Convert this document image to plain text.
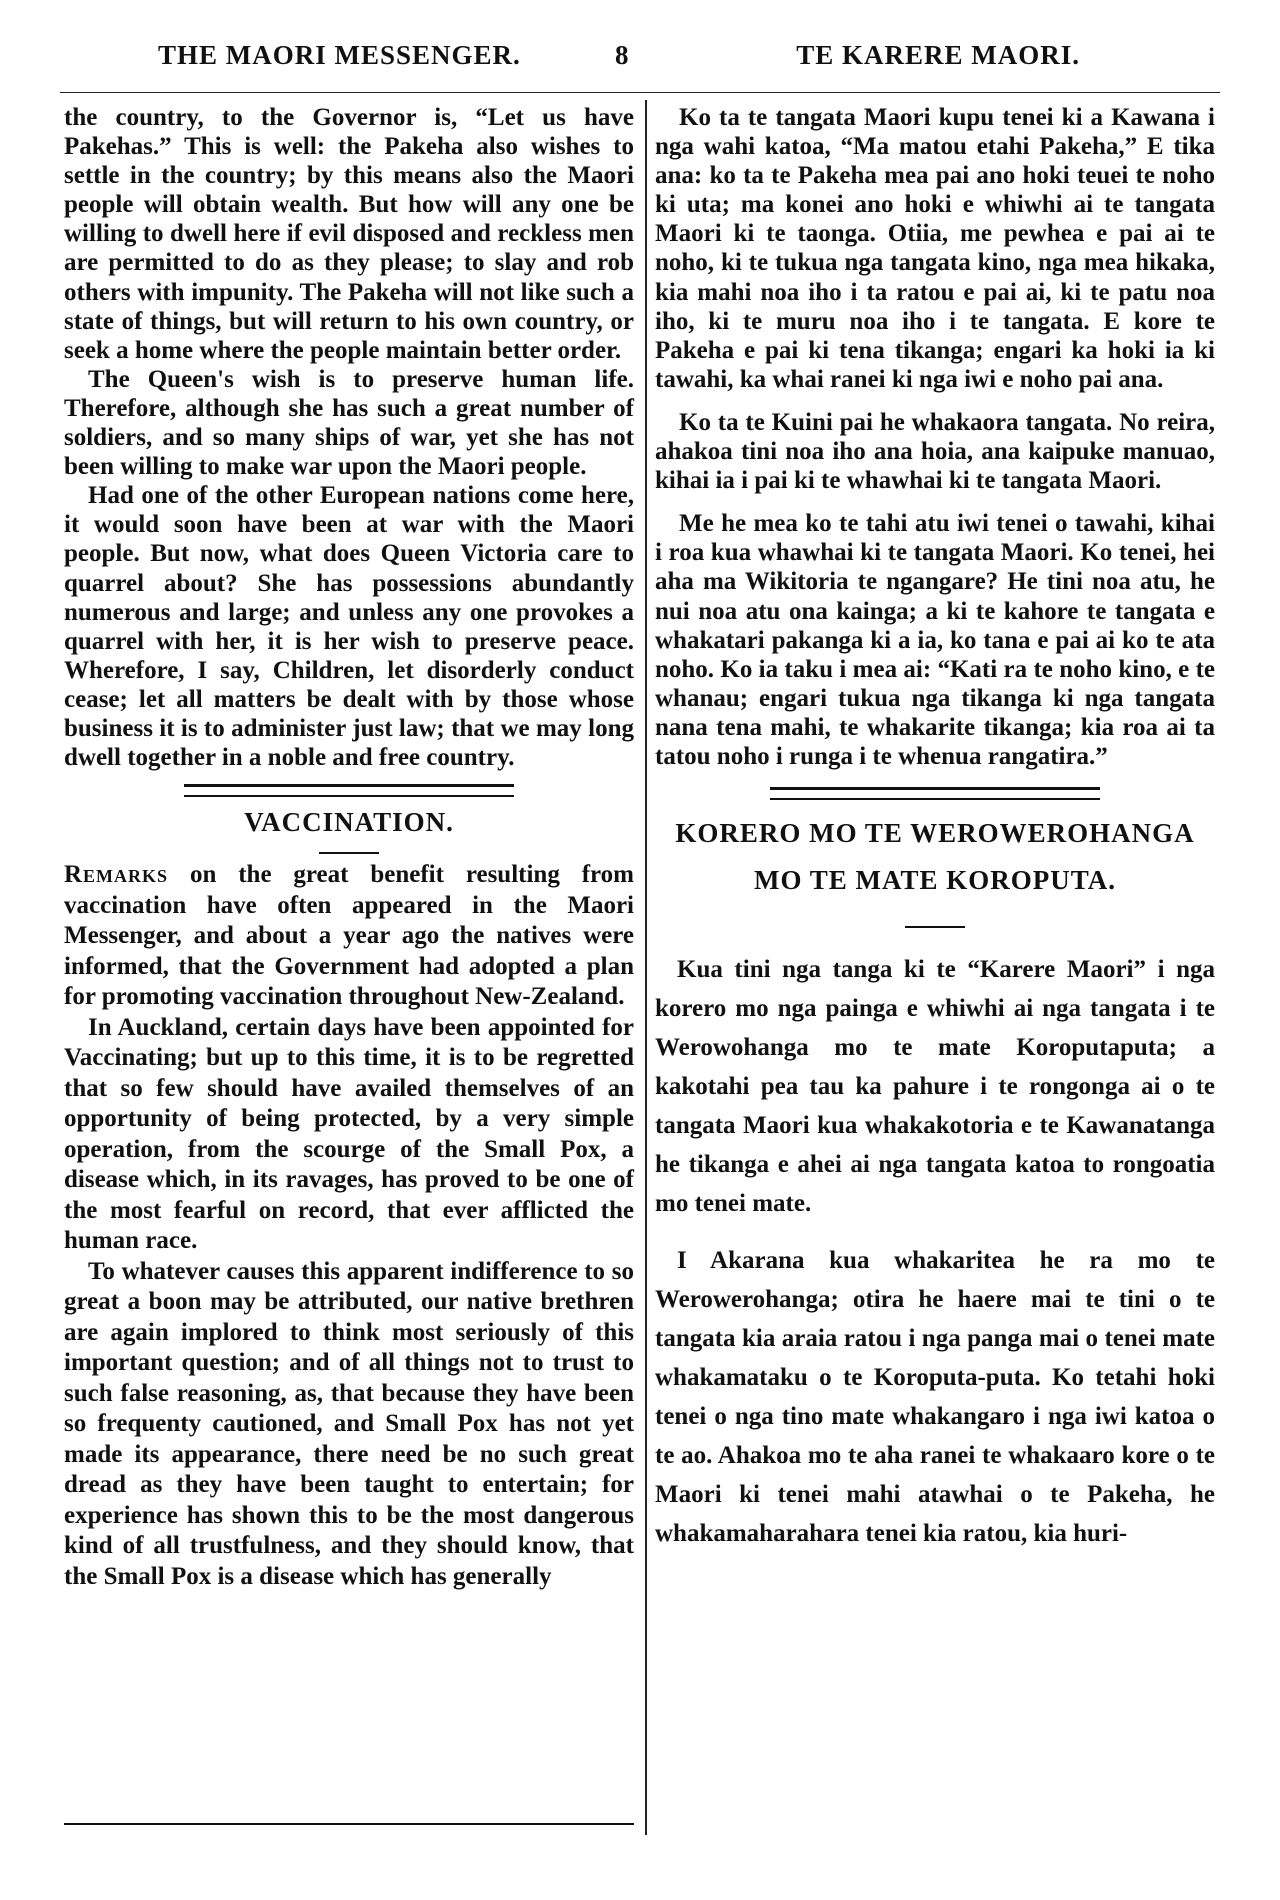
THE MAORI MESSENGER.	8	TE KARERE MAORI.

the country, to the Governor is, “Let us have Pakehas.” This is well: the Pakeha also wishes to settle in the country; by this means also the Maori people will obtain wealth. But how will any one be willing to dwell here if evil disposed and reckless men are permitted to do as they please; to slay and rob others with impunity. The Pakeha will not like such a state of things, but will return to his own country, or seek a home where the people maintain better order.

The Queen's wish is to preserve human life. Therefore, although she has such a great number of soldiers, and so many ships of war, yet she has not been willing to make war upon the Maori people.

Had one of the other European nations come here, it would soon have been at war with the Maori people. But now, what does Queen Victoria care to quarrel about? She has possessions abundantly numerous and large; and unless any one provokes a quarrel with her, it is her wish to preserve peace. Wherefore, I say, Children, let disorderly conduct cease; let all matters be dealt with by those whose business it is to administer just law; that we may long dwell together in a noble and free country.

VACCINATION.

Remarks on the great benefit resulting from vaccination have often appeared in the Maori Messenger, and about a year ago the natives were informed, that the Government had adopted a plan for promoting vaccination throughout New-Zealand.

In Auckland, certain days have been appointed for Vaccinating; but up to this time, it is to be regretted that so few should have availed themselves of an opportunity of being protected, by a very simple operation, from the scourge of the Small Pox, a disease which, in its ravages, has proved to be one of the most fearful on record, that ever afflicted the human race.

To whatever causes this apparent indifference to so great a boon may be attributed, our native brethren are again implored to think most seriously of this important question; and of all things not to trust to such false reasoning, as, that because they have been so frequenty cautioned, and Small Pox has not yet made its appearance, there need be no such great dread as they have been taught to entertain; for experience has shown this to be the most dangerous kind of all trustfulness, and they should know, that the Small Pox is a disease which has generally

Ko ta te tangata Maori kupu tenei ki a Kawana i nga wahi katoa, “Ma matou etahi Pakeha,” E tika ana: ko ta te Pakeha mea pai ano hoki teuei te noho ki uta; ma konei ano hoki e whiwhi ai te tangata Maori ki te taonga. Otiia, me pewhea e pai ai te noho, ki te tukua nga tangata kino, nga mea hikaka, kia mahi noa iho i ta ratou e pai ai, ki te patu noa iho, ki te muru noa iho i te tangata. E kore te Pakeha e pai ki tena tikanga; engari ka hoki ia ki tawahi, ka whai ranei ki nga iwi e noho pai ana.

Ko ta te Kuini pai he whakaora tangata. No reira, ahakoa tini noa iho ana hoia, ana kaipuke manuao, kihai ia i pai ki te whawhai ki te tangata Maori.

Me he mea ko te tahi atu iwi tenei o tawahi, kihai i roa kua whawhai ki te tangata Maori. Ko tenei, hei aha ma Wikitoria te ngangare? He tini noa atu, he nui noa atu ona kainga; a ki te kahore te tangata e whakatari pakanga ki a ia, ko tana e pai ai ko te ata noho. Ko ia taku i mea ai: “Kati ra te noho kino, e te whanau; engari tukua nga tikanga ki nga tangata nana tena mahi, te whakarite tikanga; kia roa ai ta tatou noho i runga i te whenua rangatira.”

KORERO MO TE WEROWEROHANGA
MO TE MATE KOROPUTA.

Kua tini nga tanga ki te “Karere Maori” i nga korero mo nga painga e whiwhi ai nga tangata i te Werowohanga mo te mate Koroputaputa; a kakotahi pea tau ka pahure i te rongonga ai o te tangata Maori kua whakakotoria e te Kawanatanga he tikanga e ahei ai nga tangata katoa to rongoatia mo tenei mate.

I Akarana kua whakaritea he ra mo te Werowerohanga; otira he haere mai te tini o te tangata kia araia ratou i nga panga mai o tenei mate whakamataku o te Koroputa-puta. Ko tetahi hoki tenei o nga tino mate whakangaro i nga iwi katoa o te ao. Ahakoa mo te aha ranei te whakaaro kore o te Maori ki tenei mahi atawhai o te Pakeha, he whakamaharahara tenei kia ratou, kia huri-
